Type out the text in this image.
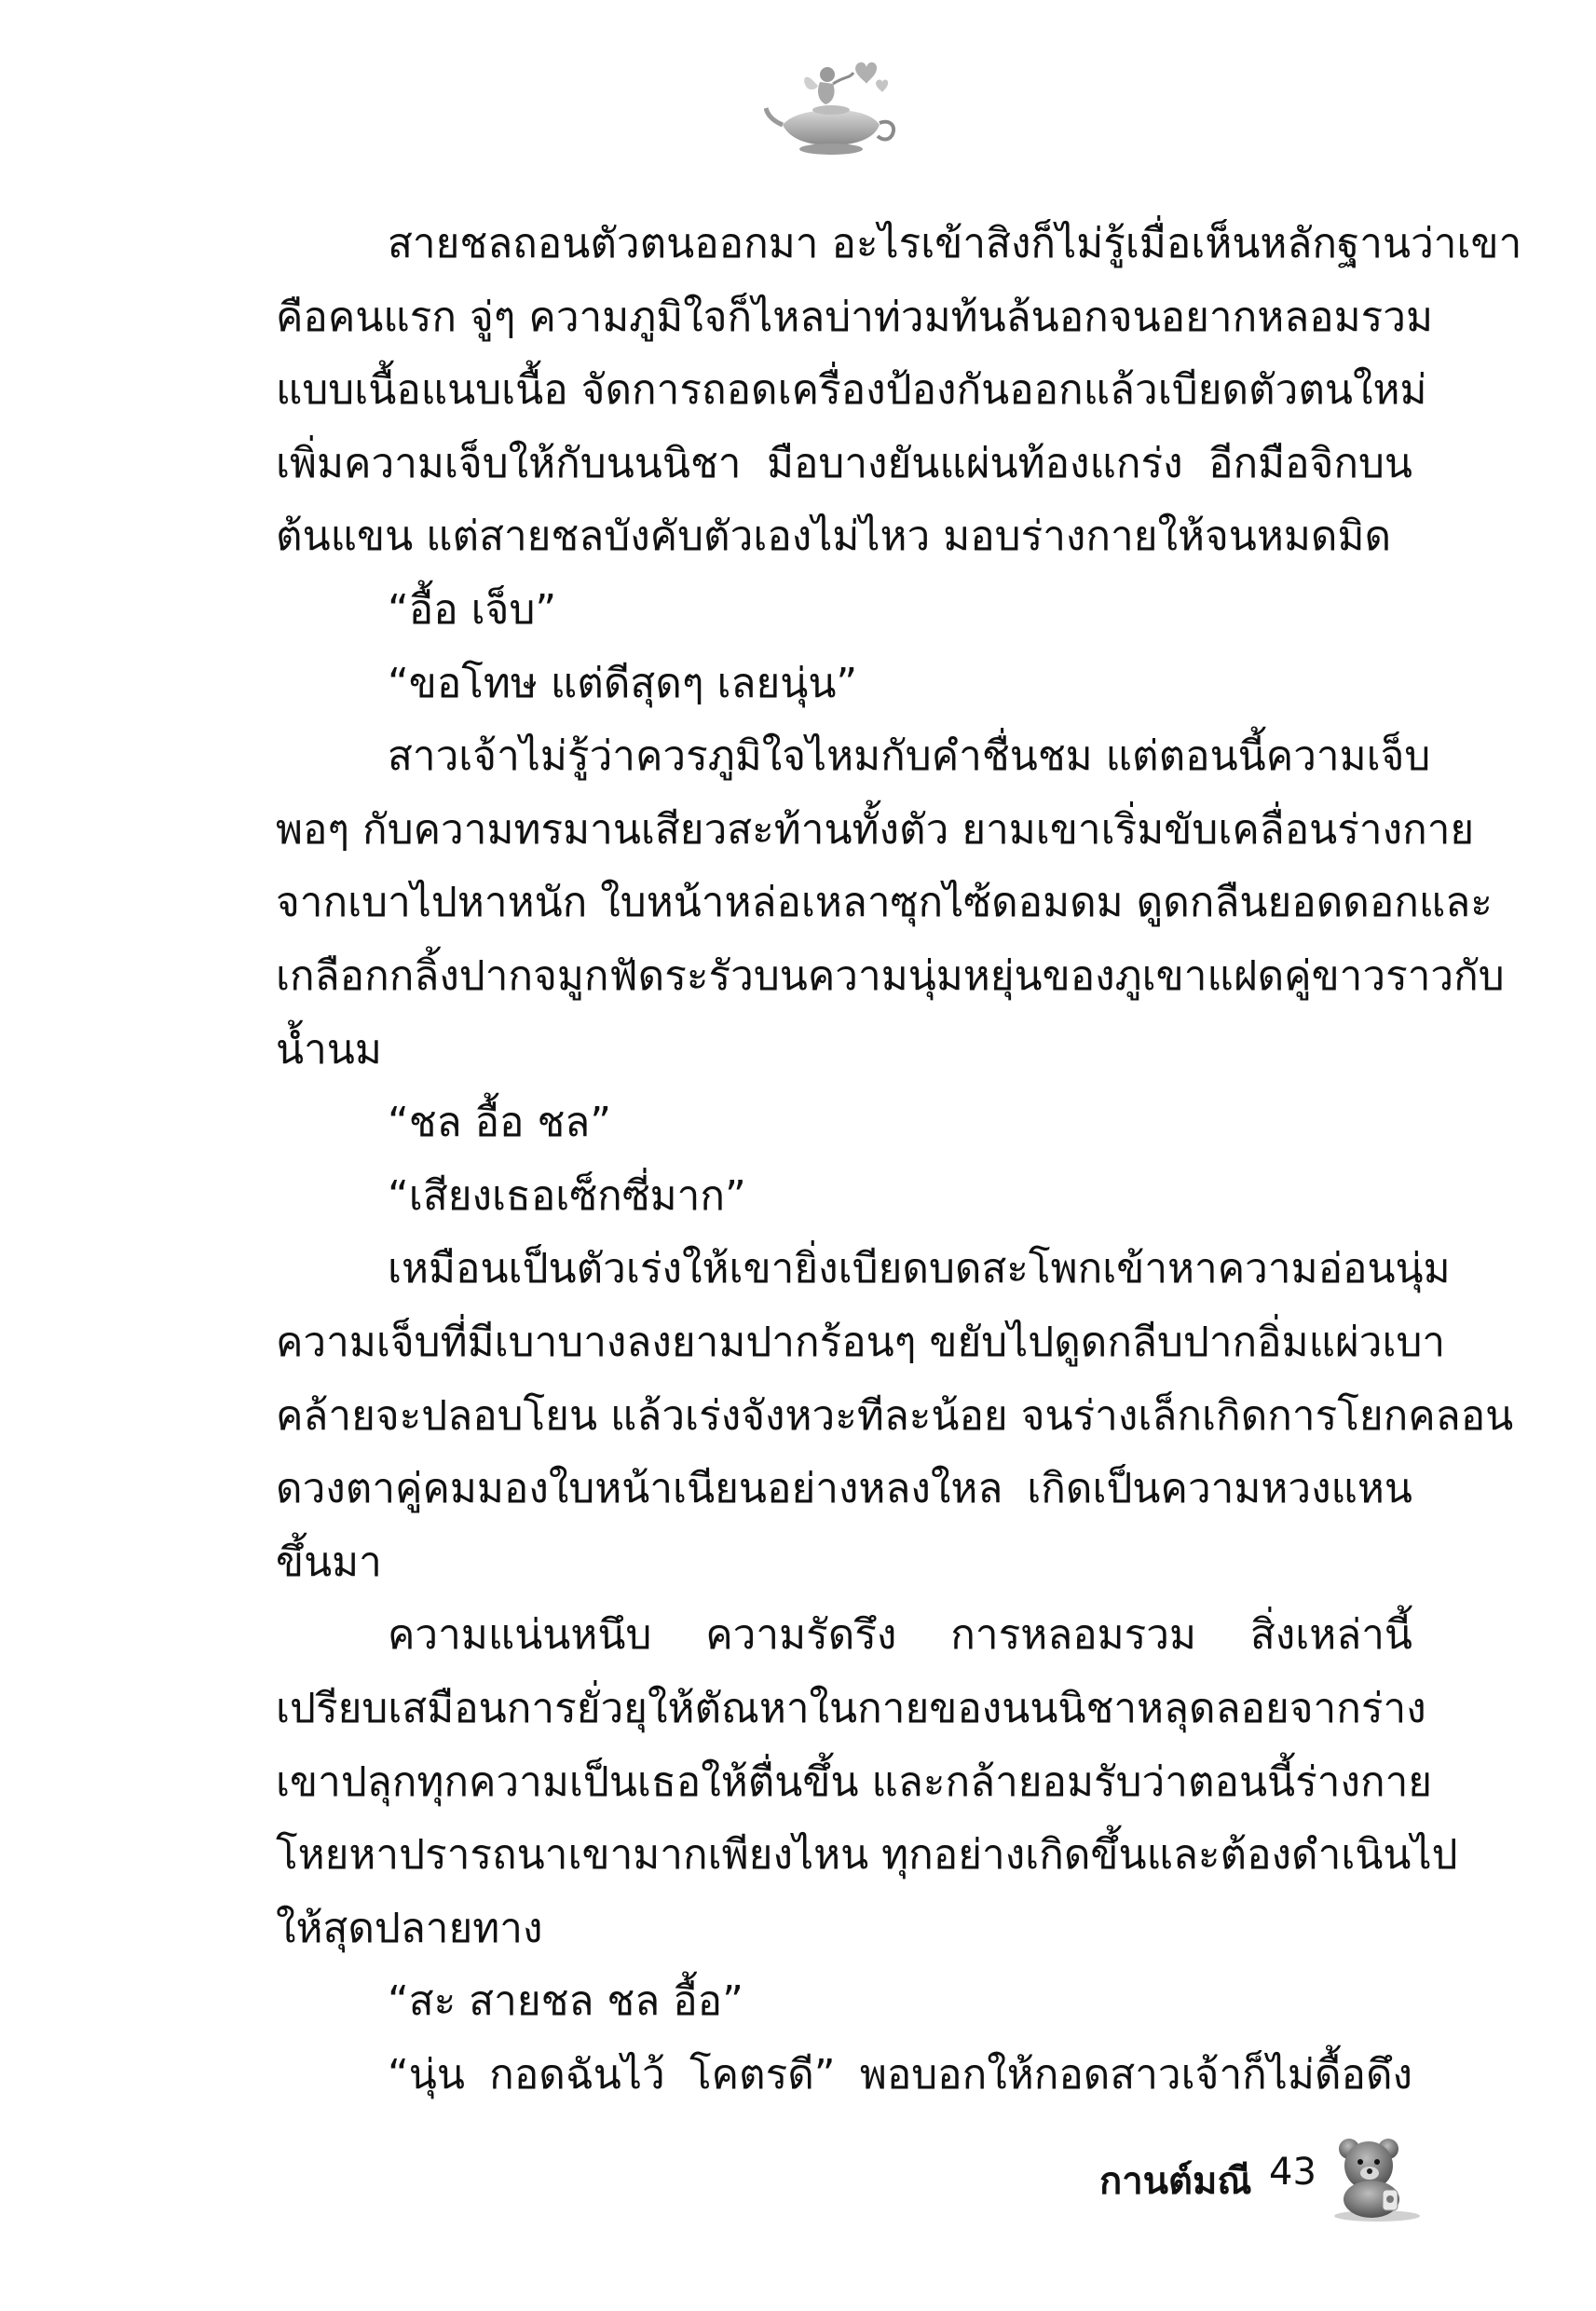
สายชลถอนตัวตนออกมา อะไรเข้าสิงก็ไม่รู้เมื่อเห็นหลักฐานว่าเขา
คือคนแรก จู่ๆ ความภูมิใจก็ไหลบ่าท่วมท้นล้นอกจนอยากหลอมรวม
แบบเนื้อแนบเนื้อ จัดการถอดเครื่องป้องกันออกแล้วเบียดตัวตนใหม่
เพิ่มความเจ็บให้กับนนนิชา มือบางยันแผ่นท้องแกร่ง อีกมือจิกบน
ต้นแขน แต่สายชลบังคับตัวเองไม่ไหว มอบร่างกายให้จนหมดมิด
“อื้อ เจ็บ”
“ขอโทษ แต่ดีสุดๆ เลยนุ่น”
สาวเจ้าไม่รู้ว่าควรภูมิใจไหมกับคำชื่นชม แต่ตอนนี้ความเจ็บ
พอๆ กับความทรมานเสียวสะท้านทั้งตัว ยามเขาเริ่มขับเคลื่อนร่างกาย
จากเบาไปหาหนัก ใบหน้าหล่อเหลาซุกไซ้ดอมดม ดูดกลืนยอดดอกและ
เกลือกกลิ้งปากจมูกฟัดระรัวบนความนุ่มหยุ่นของภูเขาแฝดคู่ขาวราวกับ
น้ำนม
“ชล อื้อ ชล”
“เสียงเธอเซ็กซี่มาก”
เหมือนเป็นตัวเร่งให้เขายิ่งเบียดบดสะโพกเข้าหาความอ่อนนุ่ม
ความเจ็บที่มีเบาบางลงยามปากร้อนๆ ขยับไปดูดกลีบปากอิ่มแผ่วเบา
คล้ายจะปลอบโยน แล้วเร่งจังหวะทีละน้อย จนร่างเล็กเกิดการโยกคลอน
ดวงตาคู่คมมองใบหน้าเนียนอย่างหลงใหล เกิดเป็นความหวงแหน
ขึ้นมา
ความแน่นหนึบ ความรัดรึง การหลอมรวม สิ่งเหล่านี้
เปรียบเสมือนการยั่วยุให้ตัณหาในกายของนนนิชาหลุดลอยจากร่าง
เขาปลุกทุกความเป็นเธอให้ตื่นขึ้น และกล้ายอมรับว่าตอนนี้ร่างกาย
โหยหาปรารถนาเขามากเพียงไหน ทุกอย่างเกิดขึ้นและต้องดำเนินไป
ให้สุดปลายทาง
“สะ สายชล ชล อื้อ”
“นุ่น กอดฉันไว้ โคตรดี” พอบอกให้กอดสาวเจ้าก็ไม่ดื้อดึง
กานต์มณี 43
